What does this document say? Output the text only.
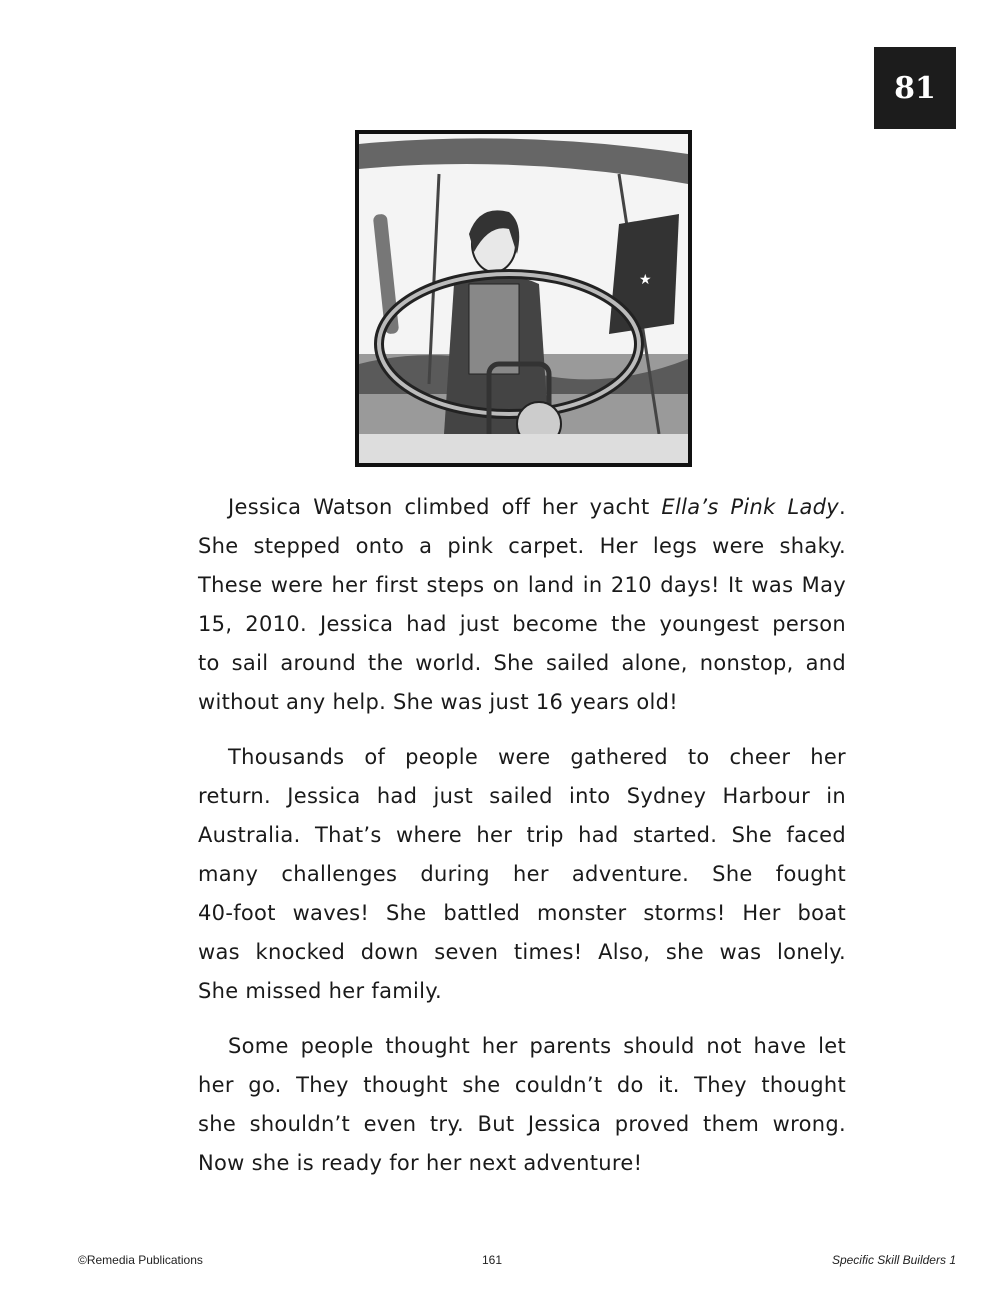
81
★
Jessica Watson climbed off her yacht Ella’s Pink Lady.
She stepped onto a pink carpet. Her legs were shaky.
These were her first steps on land in 210 days! It was May
15, 2010. Jessica had just become the youngest person
to sail around the world. She sailed alone, nonstop, and
without any help. She was just 16 years old!
Thousands of people were gathered to cheer her
return. Jessica had just sailed into Sydney Harbour in
Australia. That’s where her trip had started. She faced
many challenges during her adventure. She fought
40-foot waves! She battled monster storms! Her boat
was knocked down seven times! Also, she was lonely.
She missed her family.
Some people thought her parents should not have let
her go. They thought she couldn’t do it. They thought
she shouldn’t even try. But Jessica proved them wrong.
Now she is ready for her next adventure!
©Remedia Publications	161	Specific Skill Builders 1
